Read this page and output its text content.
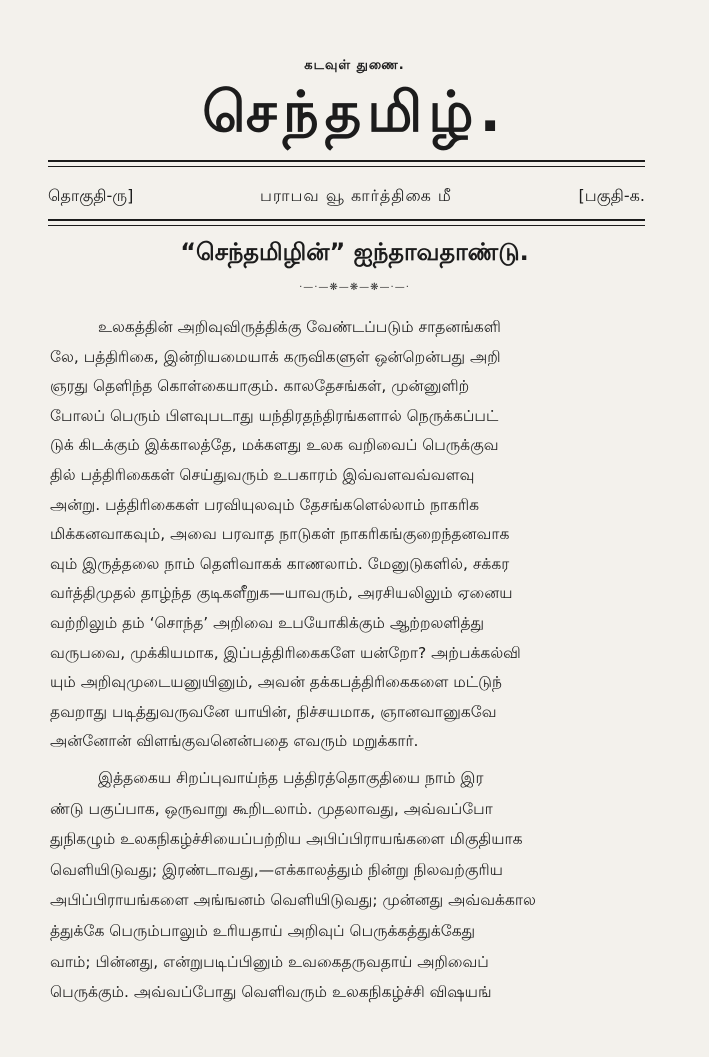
கடவுள் துணை.
செந்தமிழ்.
தொகுதி-ரு]	பராபவ வூ கார்த்திகை மீ	[பகுதி-க.
“செந்தமிழின்” ஐந்தாவதாண்டு.
·—·—❋—❋—❋—·—·
உலகத்தின் அறிவுவிருத்திக்கு வேண்டப்படும் சாதனங்களி
லே, பத்திரிகை, இன்றியமையாக் கருவிகளுள் ஒன்றென்பது அறி
ஞரது தெளிந்த கொள்கையாகும். காலதேசங்கள், முன்னுளிற்
போலப் பெரும் பிளவுபடாது யந்திரதந்திரங்களால் நெருக்கப்பட்
டுக் கிடக்கும் இக்காலத்தே, மக்களது உலக வறிவைப் பெருக்குவ
தில் பத்திரிகைகள் செய்துவரும் உபகாரம் இவ்வளவவ்வளவு
அன்று. பத்திரிகைகள் பரவியுலவும் தேசங்களெல்லாம் நாகரிக
மிக்கனவாகவும், அவை பரவாத நாடுகள் நாகரிகங்குறைந்தனவாக
வும் இருத்தலை நாம் தெளிவாகக் காணலாம். மேனுடுகளில், சக்கர
வர்த்திமுதல் தாழ்ந்த குடிகளீறுக—யாவரும், அரசியலிலும் ஏனைய
வற்றிலும் தம் ‘சொந்த’ அறிவை உபயோகிக்கும் ஆற்றலளித்து
வருபவை, முக்கியமாக, இப்பத்திரிகைகளே யன்றோ? அற்பக்கல்வி
யும் அறிவுமுடையனுயினும், அவன் தக்கபத்திரிகைகளை மட்டுந்
தவறாது படித்துவருவனே யாயின், நிச்சயமாக, ஞானவானுகவே
அன்னோன் விளங்குவனென்பதை எவரும் மறுக்கார்.
இத்தகைய சிறப்புவாய்ந்த பத்திரத்தொகுதியை நாம் இர
ண்டு பகுப்பாக, ஒருவாறு கூறிடலாம். முதலாவது, அவ்வப்போ
துநிகழும் உலகநிகழ்ச்சியைப்பற்றிய அபிப்பிராயங்களை மிகுதியாக
வெளியிடுவது; இரண்டாவது,—எக்காலத்தும் நின்று நிலவற்குரிய
அபிப்பிராயங்களை அங்ஙனம் வெளியிடுவது; முன்னது அவ்வக்கால
த்துக்கே பெரும்பாலும் உரியதாய் அறிவுப் பெருக்கத்துக்கேது
வாம்; பின்னது, என்றுபடிப்பினும் உவகைதருவதாய் அறிவைப்
பெருக்கும். அவ்வப்போது வெளிவரும் உலகநிகழ்ச்சி விஷயங்
